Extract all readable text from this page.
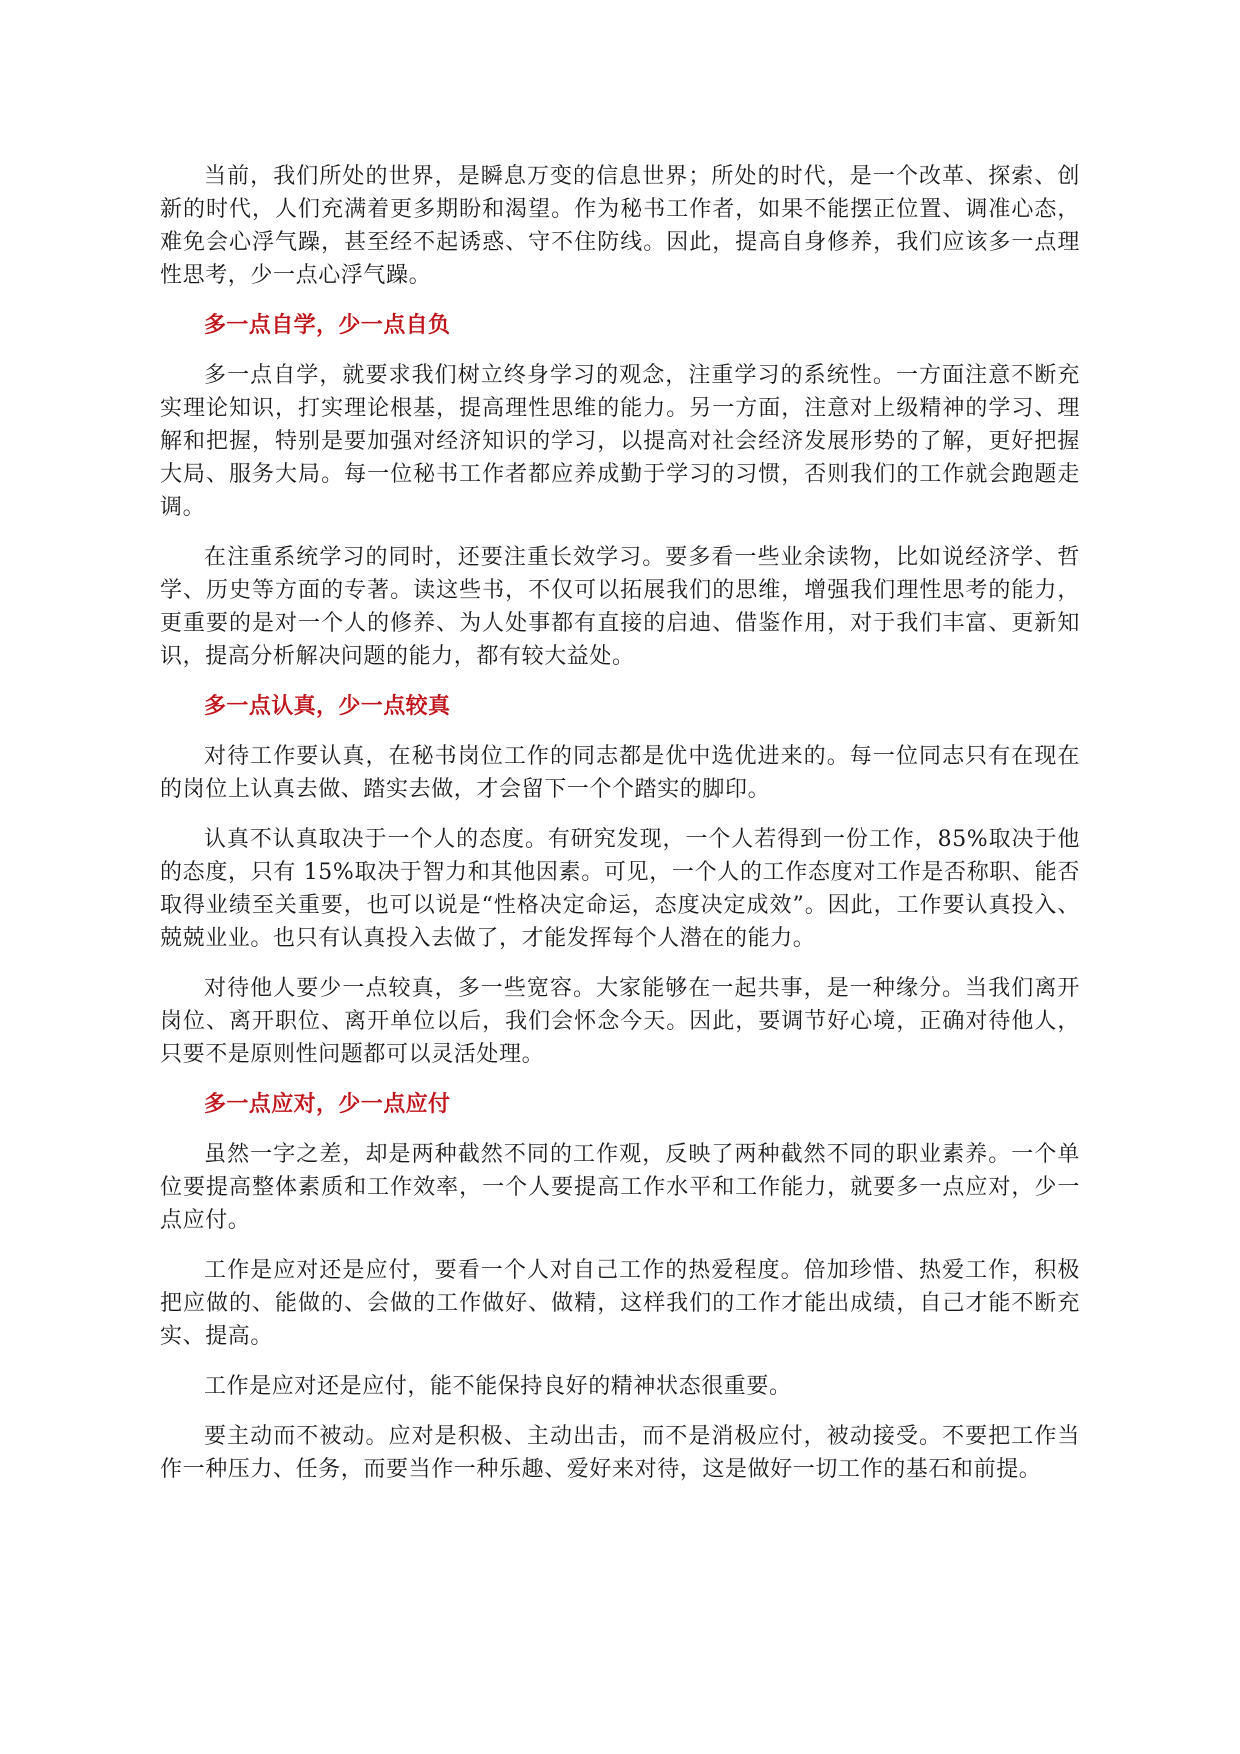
当前，我们所处的世界，是瞬息万变的信息世界；所处的时代，是一个改革、探索、创新的时代，人们充满着更多期盼和渴望。作为秘书工作者，如果不能摆正位置、调准心态，难免会心浮气躁，甚至经不起诱惑、守不住防线。因此，提高自身修养，我们应该多一点理性思考，少一点心浮气躁。

多一点自学，少一点自负

多一点自学，就要求我们树立终身学习的观念，注重学习的系统性。一方面注意不断充实理论知识，打实理论根基，提高理性思维的能力。另一方面，注意对上级精神的学习、理解和把握，特别是要加强对经济知识的学习，以提高对社会经济发展形势的了解，更好把握大局、服务大局。每一位秘书工作者都应养成勤于学习的习惯，否则我们的工作就会跑题走调。

在注重系统学习的同时，还要注重长效学习。要多看一些业余读物，比如说经济学、哲学、历史等方面的专著。读这些书，不仅可以拓展我们的思维，增强我们理性思考的能力，更重要的是对一个人的修养、为人处事都有直接的启迪、借鉴作用，对于我们丰富、更新知识，提高分析解决问题的能力，都有较大益处。

多一点认真，少一点较真

对待工作要认真，在秘书岗位工作的同志都是优中选优进来的。每一位同志只有在现在的岗位上认真去做、踏实去做，才会留下一个个踏实的脚印。

认真不认真取决于一个人的态度。有研究发现，一个人若得到一份工作，85%取决于他的态度，只有 15%取决于智力和其他因素。可见，一个人的工作态度对工作是否称职、能否取得业绩至关重要，也可以说是“性格决定命运，态度决定成效”。因此，工作要认真投入、兢兢业业。也只有认真投入去做了，才能发挥每个人潜在的能力。

对待他人要少一点较真，多一些宽容。大家能够在一起共事，是一种缘分。当我们离开岗位、离开职位、离开单位以后，我们会怀念今天。因此，要调节好心境，正确对待他人，只要不是原则性问题都可以灵活处理。

多一点应对，少一点应付

虽然一字之差，却是两种截然不同的工作观，反映了两种截然不同的职业素养。一个单位要提高整体素质和工作效率，一个人要提高工作水平和工作能力，就要多一点应对，少一点应付。

工作是应对还是应付，要看一个人对自己工作的热爱程度。倍加珍惜、热爱工作，积极把应做的、能做的、会做的工作做好、做精，这样我们的工作才能出成绩，自己才能不断充实、提高。

工作是应对还是应付，能不能保持良好的精神状态很重要。

要主动而不被动。应对是积极、主动出击，而不是消极应付，被动接受。不要把工作当作一种压力、任务，而要当作一种乐趣、爱好来对待，这是做好一切工作的基石和前提。
